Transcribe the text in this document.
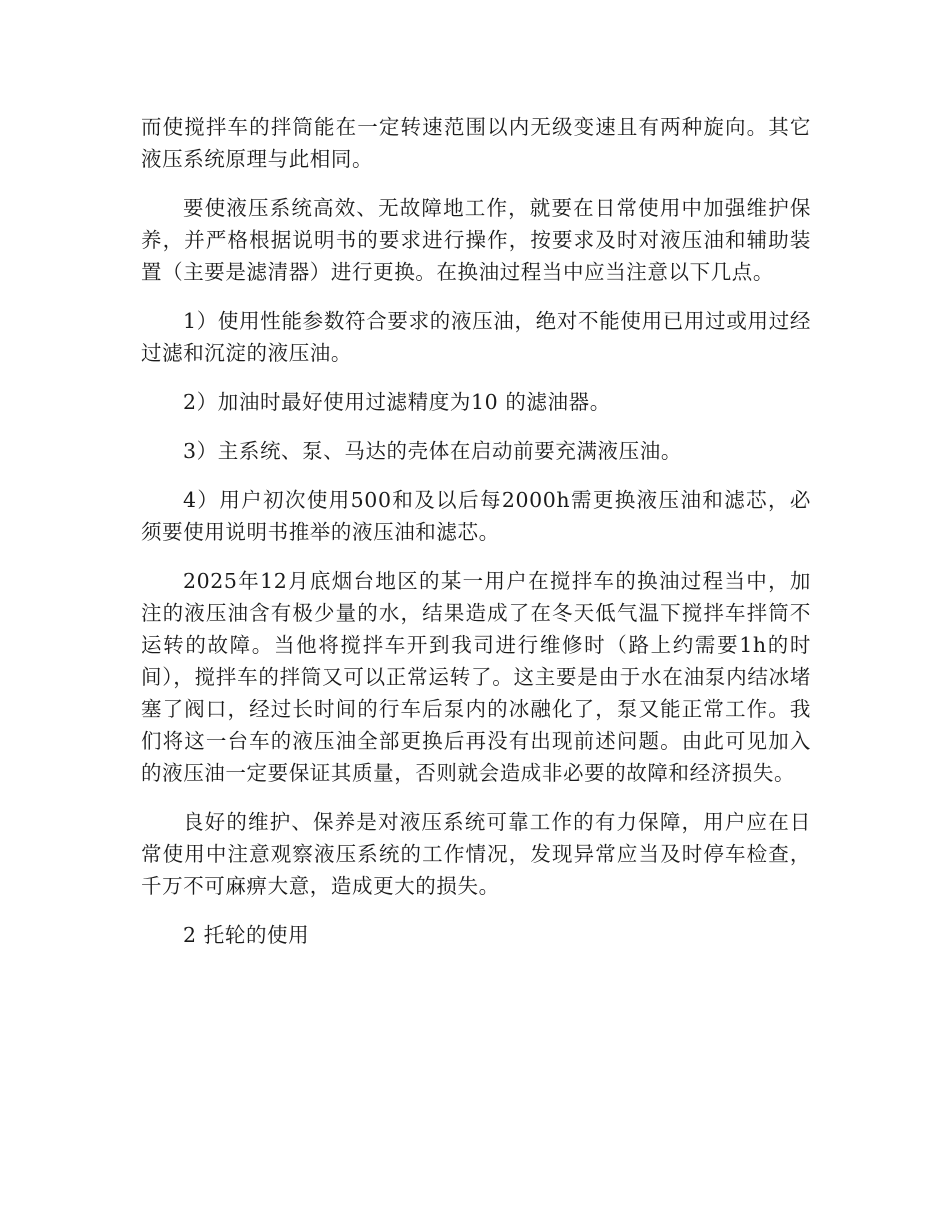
而使搅拌车的拌筒能在一定转速范围以内无级变速且有两种旋向。其它液压系统原理与此相同。

要使液压系统高效、无故障地工作，就要在日常使用中加强维护保养，并严格根据说明书的要求进行操作，按要求及时对液压油和辅助装置（主要是滤清器）进行更换。在换油过程当中应当注意以下几点。

1）使用性能参数符合要求的液压油，绝对不能使用已用过或用过经过滤和沉淀的液压油。

2）加油时最好使用过滤精度为10 的滤油器。

3）主系统、泵、马达的壳体在启动前要充满液压油。

4）用户初次使用500和及以后每2000h需更换液压油和滤芯，必须要使用说明书推举的液压油和滤芯。

2025年12月底烟台地区的某一用户在搅拌车的换油过程当中，加注的液压油含有极少量的水，结果造成了在冬天低气温下搅拌车拌筒不运转的故障。当他将搅拌车开到我司进行维修时（路上约需要1h的时间），搅拌车的拌筒又可以正常运转了。这主要是由于水在油泵内结冰堵塞了阀口，经过长时间的行车后泵内的冰融化了，泵又能正常工作。我们将这一台车的液压油全部更换后再没有出现前述问题。由此可见加入的液压油一定要保证其质量，否则就会造成非必要的故障和经济损失。

良好的维护、保养是对液压系统可靠工作的有力保障，用户应在日常使用中注意观察液压系统的工作情况，发现异常应当及时停车检查，千万不可麻痹大意，造成更大的损失。

2 托轮的使用
